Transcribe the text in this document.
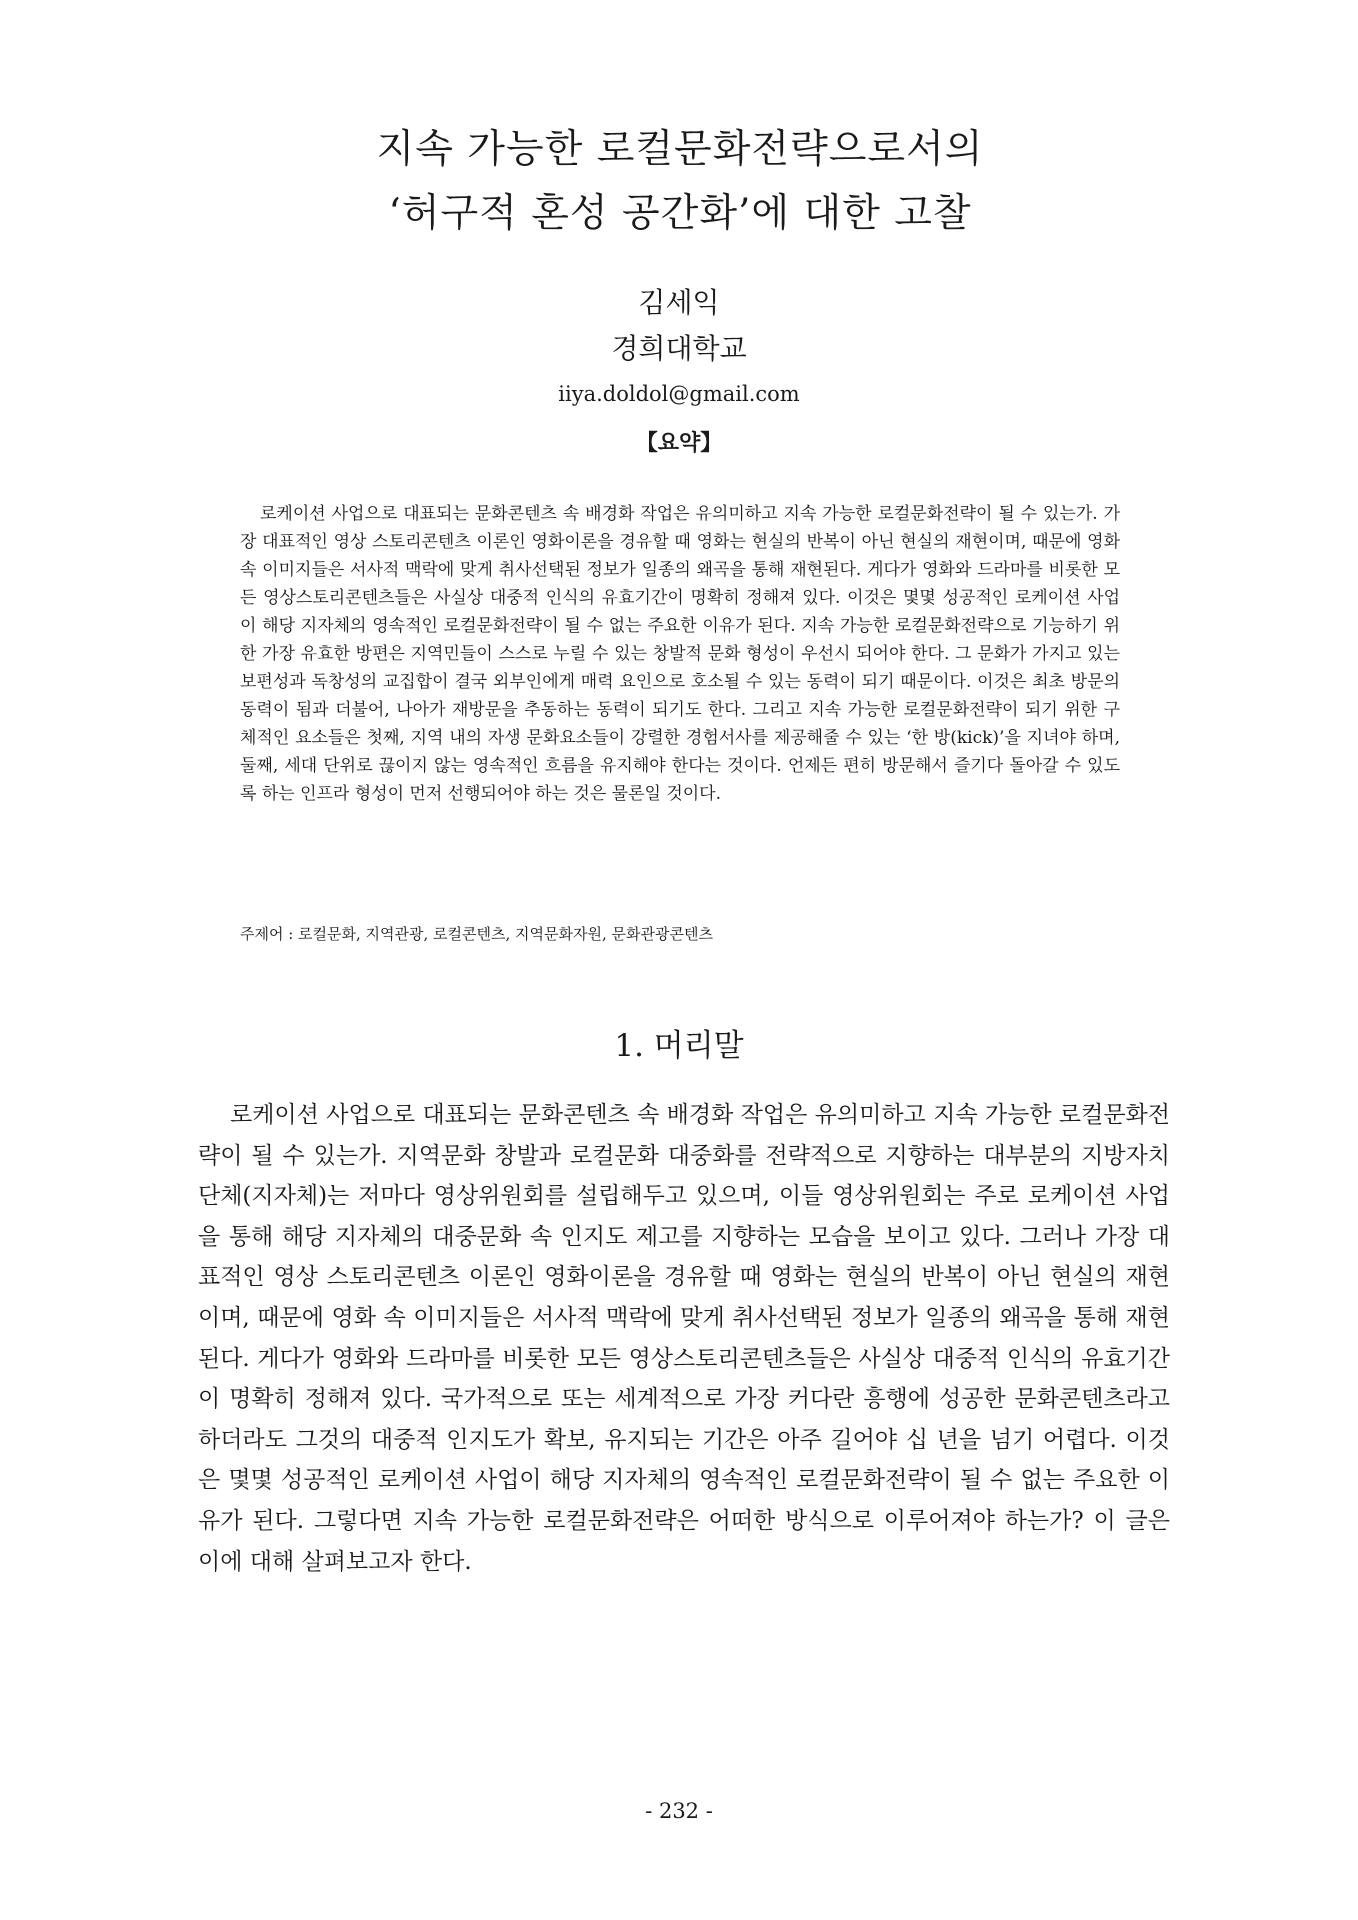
지속 가능한 로컬문화전략으로서의
‘허구적 혼성 공간화’에 대한 고찰
김세익
경희대학교
iiya.doldol@gmail.com
【요약】

로케이션 사업으로 대표되는 문화콘텐츠 속 배경화 작업은 유의미하고 지속 가능한 로컬문화전략이 될 수 있는가. 가장 대표적인 영상 스토리콘텐츠 이론인 영화이론을 경유할 때 영화는 현실의 반복이 아닌 현실의 재현이며, 때문에 영화 속 이미지들은 서사적 맥락에 맞게 취사선택된 정보가 일종의 왜곡을 통해 재현된다. 게다가 영화와 드라마를 비롯한 모든 영상스토리콘텐츠들은 사실상 대중적 인식의 유효기간이 명확히 정해져 있다. 이것은 몇몇 성공적인 로케이션 사업이 해당 지자체의 영속적인 로컬문화전략이 될 수 없는 주요한 이유가 된다. 지속 가능한 로컬문화전략으로 기능하기 위한 가장 유효한 방편은 지역민들이 스스로 누릴 수 있는 창발적 문화 형성이 우선시 되어야 한다. 그 문화가 가지고 있는 보편성과 독창성의 교집합이 결국 외부인에게 매력 요인으로 호소될 수 있는 동력이 되기 때문이다. 이것은 최초 방문의 동력이 됨과 더불어, 나아가 재방문을 추동하는 동력이 되기도 한다. 그리고 지속 가능한 로컬문화전략이 되기 위한 구체적인 요소들은 첫째, 지역 내의 자생 문화요소들이 강렬한 경험서사를 제공해줄 수 있는 ‘한 방(kick)’을 지녀야 하며, 둘째, 세대 단위로 끊이지 않는 영속적인 흐름을 유지해야 한다는 것이다. 언제든 편히 방문해서 즐기다 돌아갈 수 있도록 하는 인프라 형성이 먼저 선행되어야 하는 것은 물론일 것이다.

주제어 : 로컬문화, 지역관광, 로컬콘텐츠, 지역문화자원, 문화관광콘텐츠
1. 머리말

로케이션 사업으로 대표되는 문화콘텐츠 속 배경화 작업은 유의미하고 지속 가능한 로컬문화전략이 될 수 있는가. 지역문화 창발과 로컬문화 대중화를 전략적으로 지향하는 대부분의 지방자치단체(지자체)는 저마다 영상위원회를 설립해두고 있으며, 이들 영상위원회는 주로 로케이션 사업을 통해 해당 지자체의 대중문화 속 인지도 제고를 지향하는 모습을 보이고 있다. 그러나 가장 대표적인 영상 스토리콘텐츠 이론인 영화이론을 경유할 때 영화는 현실의 반복이 아닌 현실의 재현이며, 때문에 영화 속 이미지들은 서사적 맥락에 맞게 취사선택된 정보가 일종의 왜곡을 통해 재현된다. 게다가 영화와 드라마를 비롯한 모든 영상스토리콘텐츠들은 사실상 대중적 인식의 유효기간이 명확히 정해져 있다. 국가적으로 또는 세계적으로 가장 커다란 흥행에 성공한 문화콘텐츠라고 하더라도 그것의 대중적 인지도가 확보, 유지되는 기간은 아주 길어야 십 년을 넘기 어렵다. 이것은 몇몇 성공적인 로케이션 사업이 해당 지자체의 영속적인 로컬문화전략이 될 수 없는 주요한 이유가 된다. 그렇다면 지속 가능한 로컬문화전략은 어떠한 방식으로 이루어져야 하는가? 이 글은 이에 대해 살펴보고자 한다.

- 232 -
